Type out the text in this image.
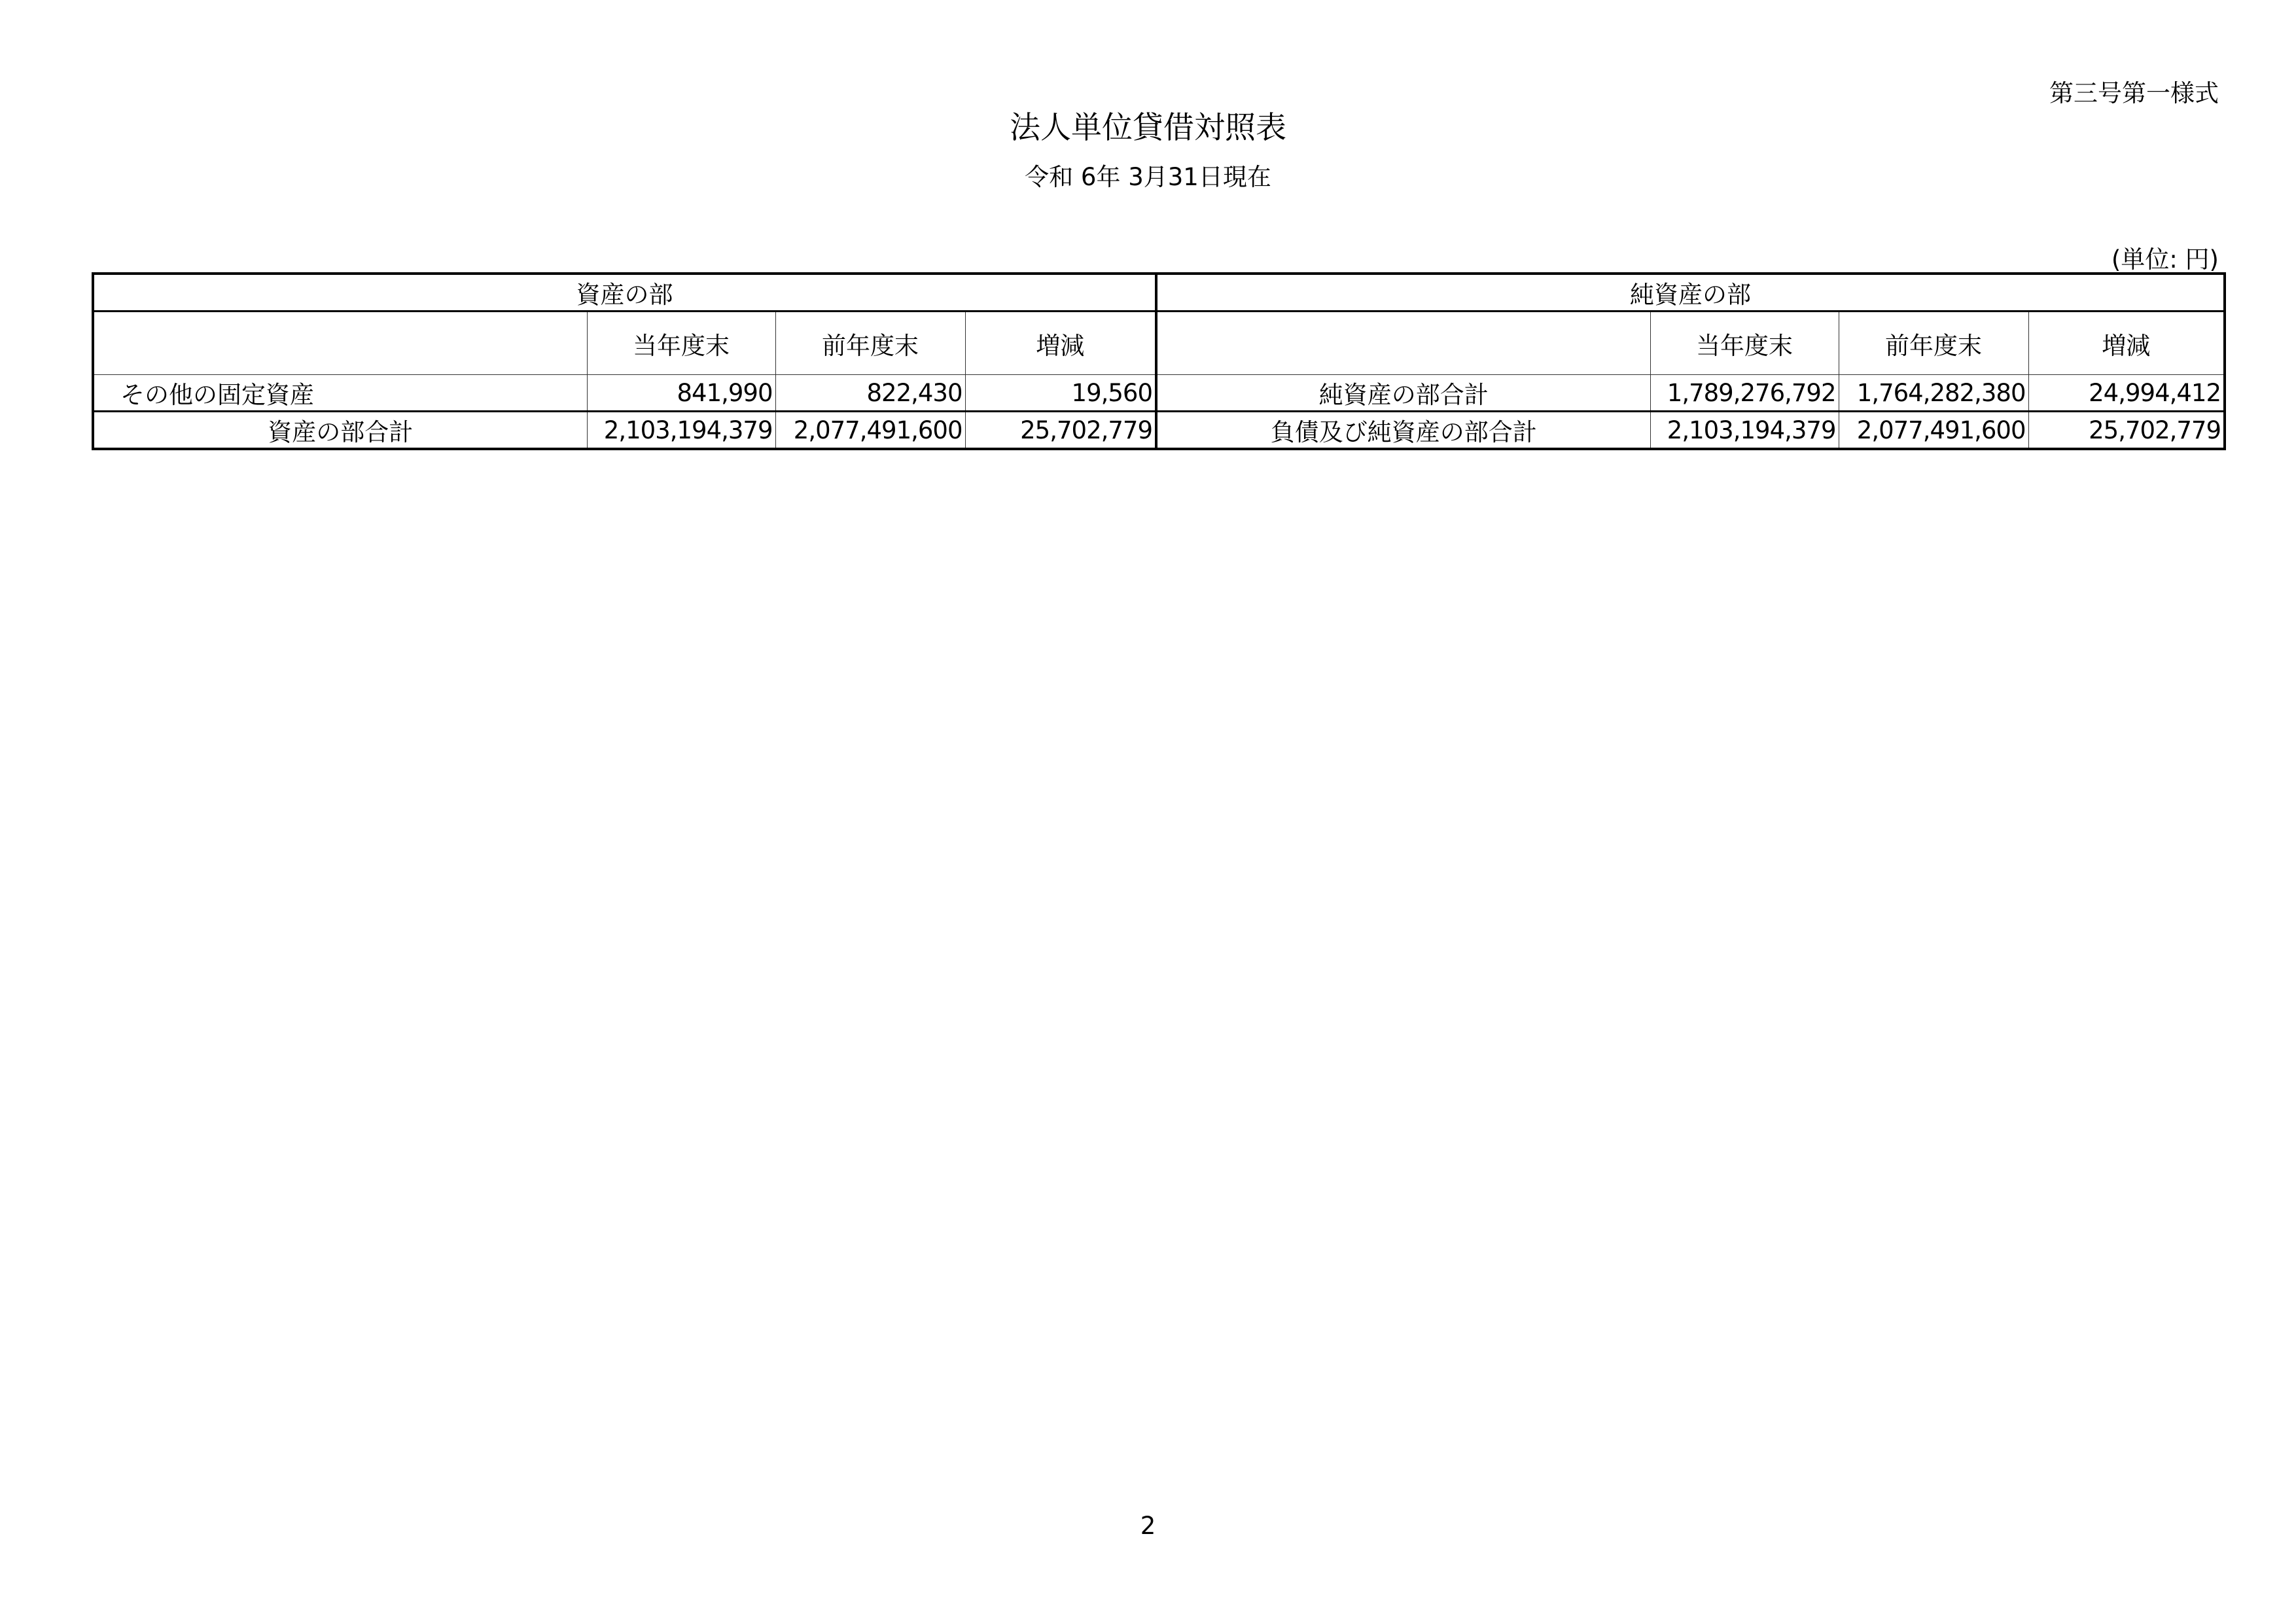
第三号第一様式
法人単位貸借対照表
令和 6年 3月31日現在
(単位: 円)
資産の部				純資産の部			
	当年度末	前年度末	増減		当年度末	前年度末	増減
その他の固定資産	841,990	822,430	19,560	純資産の部合計	1,789,276,792	1,764,282,380	24,994,412
資産の部合計	2,103,194,379	2,077,491,600	25,702,779	負債及び純資産の部合計	2,103,194,379	2,077,491,600	25,702,779
2
